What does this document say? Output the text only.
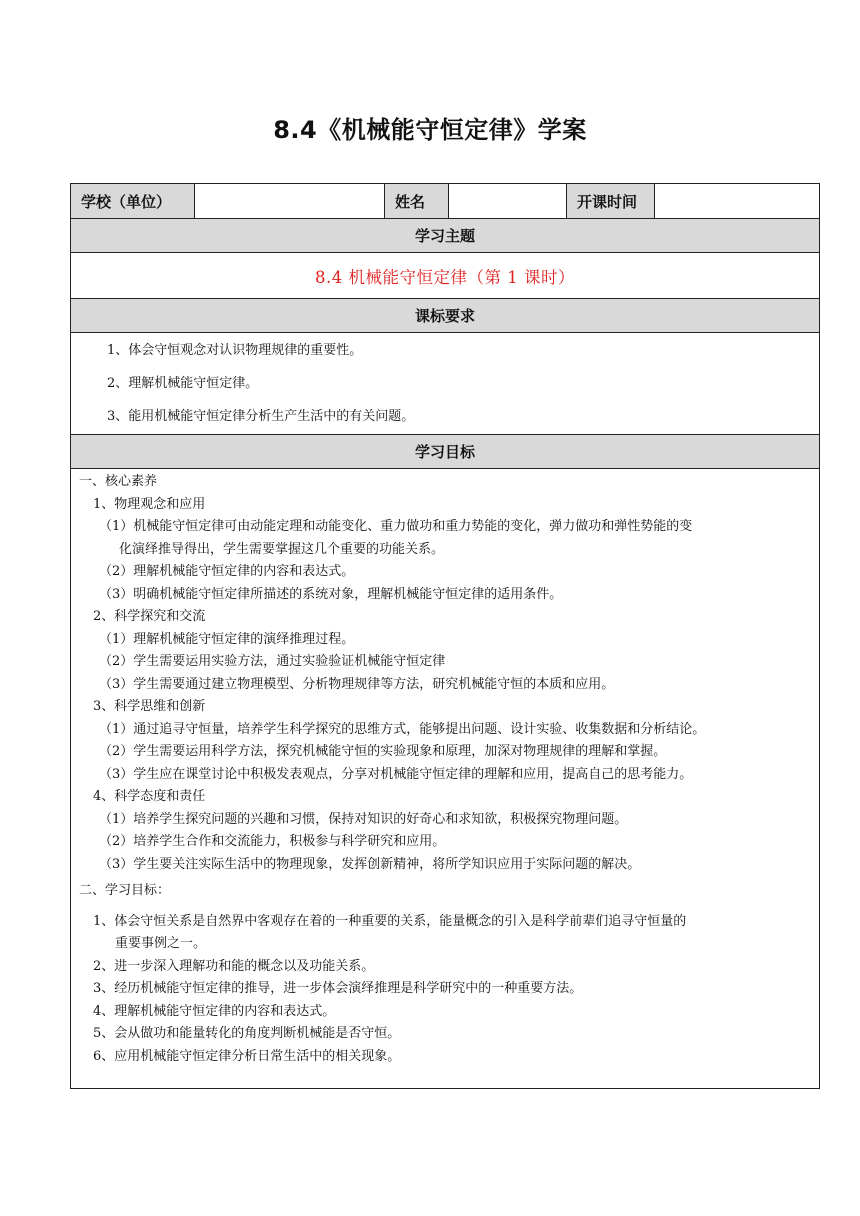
8.4《机械能守恒定律》学案
学校（单位）		姓名		开课时间	
学习主题
8.4 机械能守恒定律（第 1 课时）
课标要求

1、体会守恒观念对认识物理规律的重要性。
2、理解机械能守恒定律。
3、能用机械能守恒定律分析生产生活中的有关问题。

学习目标

一、核心素养
1、物理观念和应用
（1）机械能守恒定律可由动能定理和动能变化、重力做功和重力势能的变化，弹力做功和弹性势能的变
化演绎推导得出，学生需要掌握这几个重要的功能关系。
（2）理解机械能守恒定律的内容和表达式。
（3）明确机械能守恒定律所描述的系统对象，理解机械能守恒定律的适用条件。
2、科学探究和交流
（1）理解机械能守恒定律的演绎推理过程。
（2）学生需要运用实验方法，通过实验验证机械能守恒定律
（3）学生需要通过建立物理模型、分析物理规律等方法，研究机械能守恒的本质和应用。
3、科学思维和创新
（1）通过追寻守恒量，培养学生科学探究的思维方式，能够提出问题、设计实验、收集数据和分析结论。
（2）学生需要运用科学方法，探究机械能守恒的实验现象和原理，加深对物理规律的理解和掌握。
（3）学生应在课堂讨论中积极发表观点，分享对机械能守恒定律的理解和应用，提高自己的思考能力。
4、科学态度和责任
（1）培养学生探究问题的兴趣和习惯，保持对知识的好奇心和求知欲，积极探究物理问题。
（2）培养学生合作和交流能力，积极参与科学研究和应用。
（3）学生要关注实际生活中的物理现象，发挥创新精神，将所学知识应用于实际问题的解决。
二、学习目标：
1、体会守恒关系是自然界中客观存在着的一种重要的关系，能量概念的引入是科学前辈们追寻守恒量的
重要事例之一。
2、进一步深入理解功和能的概念以及功能关系。
3、经历机械能守恒定律的推导，进一步体会演绎推理是科学研究中的一种重要方法。
4、理解机械能守恒定律的内容和表达式。
5、会从做功和能量转化的角度判断机械能是否守恒。
6、应用机械能守恒定律分析日常生活中的相关现象。
